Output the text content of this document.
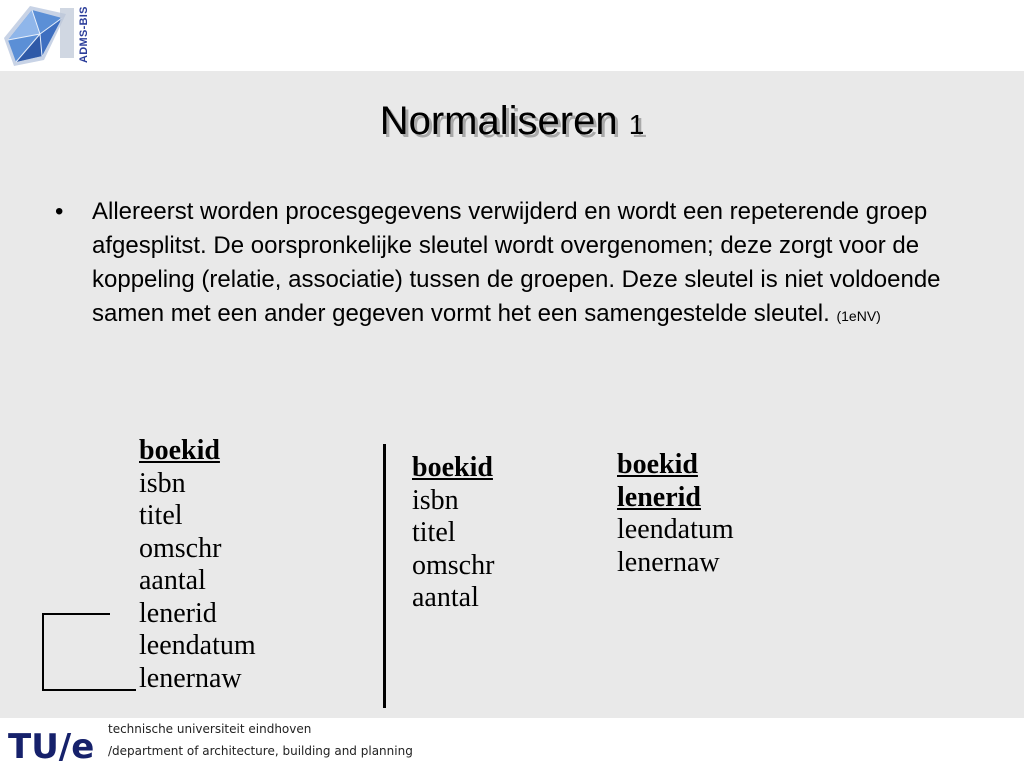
ADMS-BIS
Normaliseren 1
• Allereerst worden procesgegevens verwijderd en wordt een repeterende groep afgesplitst. De oorspronkelijke sleutel wordt overgenomen; deze zorgt voor de koppeling (relatie, associatie) tussen de groepen. Deze sleutel is niet voldoende samen met een ander gegeven vormt het een samengestelde sleutel. (1eNV)
boekid
isbn
titel
omschr
aantal
lenerid
leendatum
lenernaw
boekid
isbn
titel
omschr
aantal
boekid
lenerid
leendatum
lenernaw
TU/e technische universiteit eindhoven
/department of architecture, building and planning
